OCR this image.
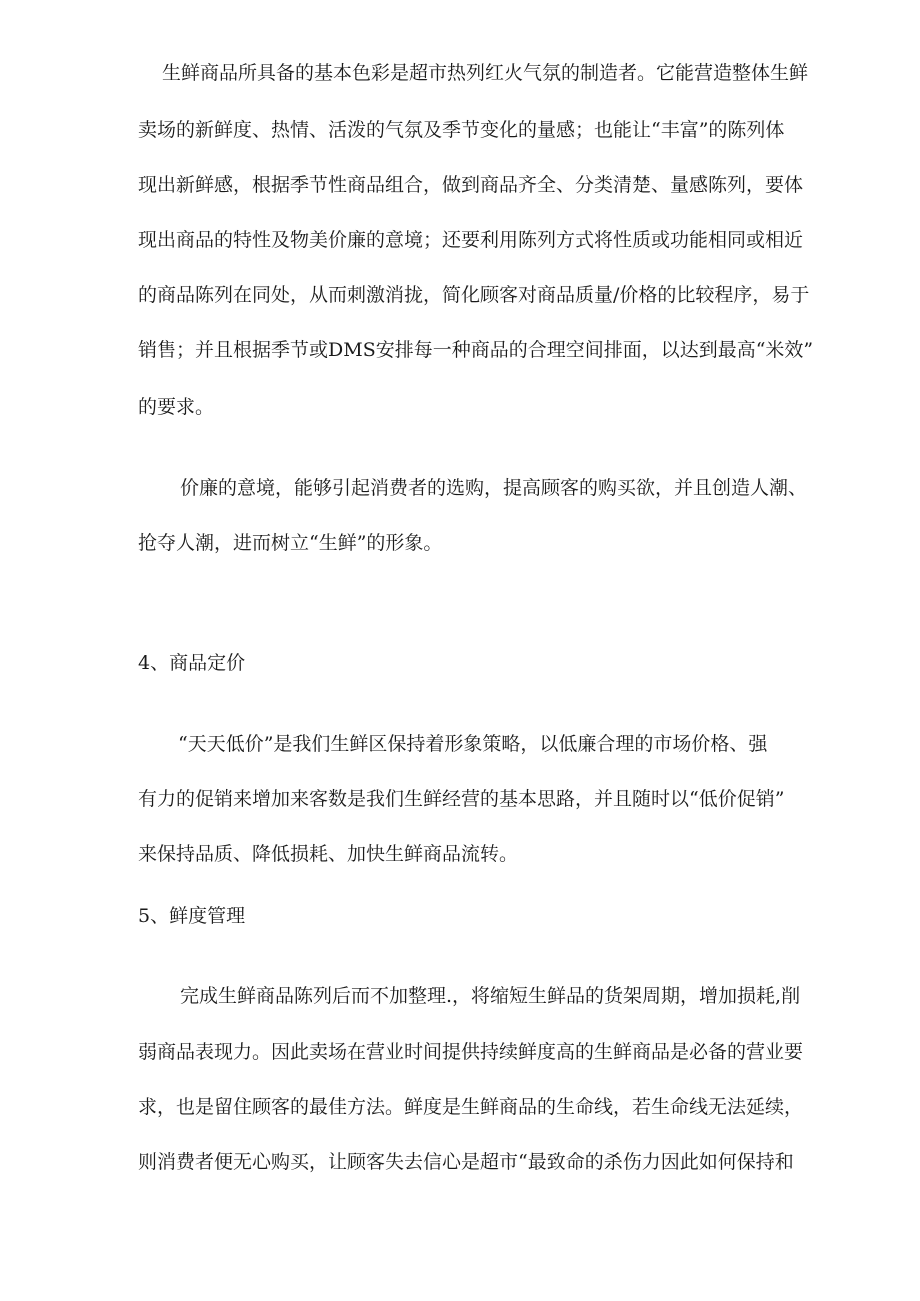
生鲜商品所具备的基本色彩是超市热列红火气氛的制造者。它能营造整体生鲜
卖场的新鲜度、热情、活泼的气氛及季节变化的量感；也能让“丰富”的陈列体
现出新鲜感，根据季节性商品组合，做到商品齐全、分类清楚、量感陈列，要体
现出商品的特性及物美价廉的意境；还要利用陈列方式将性质或功能相同或相近
的商品陈列在同处，从而刺激消拢，简化顾客对商品质量/价格的比较程序，易于
销售；并且根据季节或DMS安排每一种商品的合理空间排面，以达到最高“米效”
的要求。
价廉的意境，能够引起消费者的选购，提高顾客的购买欲，并且创造人潮、
抢夺人潮，进而树立“生鲜”的形象。
4、商品定价
“天天低价”是我们生鲜区保持着形象策略，以低廉合理的市场价格、强
有力的促销来增加来客数是我们生鲜经营的基本思路，并且随时以“低价促销”
来保持品质、降低损耗、加快生鲜商品流转。
5、鲜度管理
完成生鲜商品陈列后而不加整理.，将缩短生鲜品的货架周期，增加损耗,削
弱商品表现力。因此卖场在营业时间提供持续鲜度高的生鲜商品是必备的营业要
求，也是留住顾客的最佳方法。鲜度是生鲜商品的生命线，若生命线无法延续，
则消费者便无心购买，让顾客失去信心是超市“最致命的杀伤力因此如何保持和
